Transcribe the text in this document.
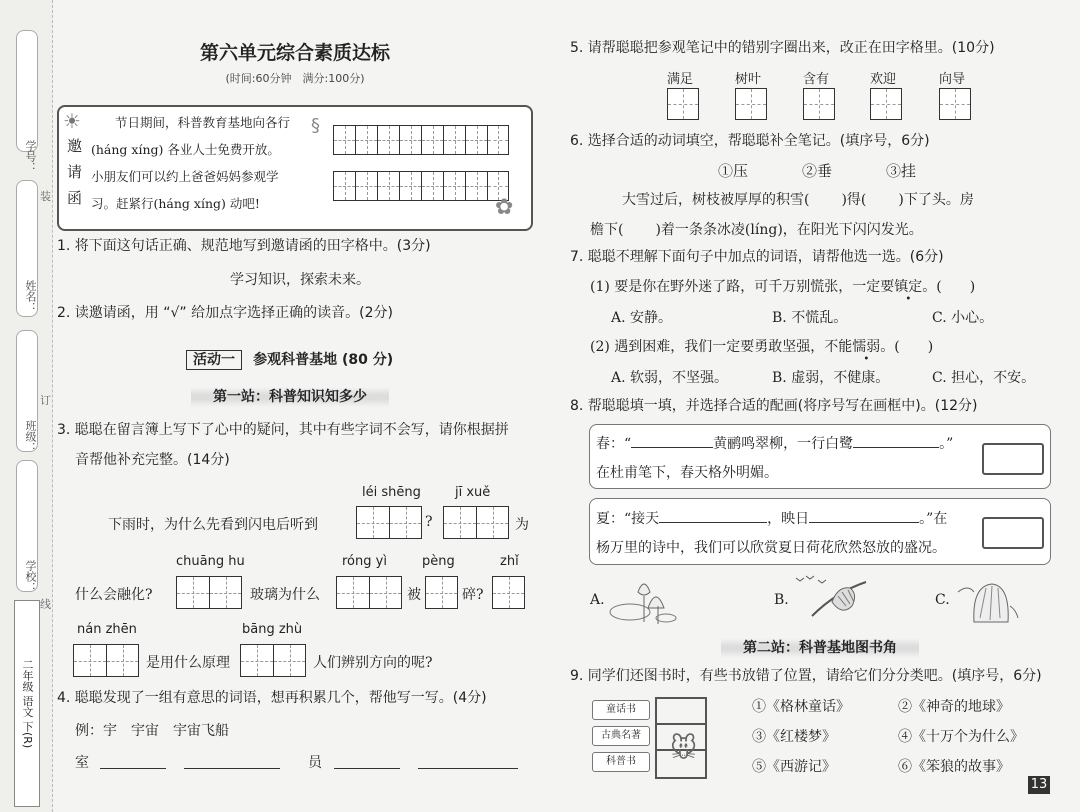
学号：
装
姓名：
订
班级：
学校：
线
二年级 语文 下(R)
第六单元综合素质达标
(时间:60分钟　满分:100分)
☀
邀
请
函
节日期间，科普教育基地向各行
(háng xíng) 各业人士免费开放。
小朋友们可以约上爸爸妈妈参观学
习。赶紧行(háng xíng) 动吧!
§
✿
1. 将下面这句话正确、规范地写到邀请函的田字格中。(3分)
学习知识，探索未来。
2. 读邀请函，用 “√” 给加点字选择正确的读音。(2分)
活动一 参观科普基地 (80 分)
第一站：科普知识知多少
3. 聪聪在留言簿上写下了心中的疑问，其中有些字词不会写，请你根据拼
音帮他补充完整。(14分)
léi shēng	jī xuě
下雨时，为什么先看到闪电后听到	?	为
chuāng hu	róng yì	pèng	zhǐ
什么会融化?	玻璃为什么	被	碎?
nán zhēn	bāng zhù
是用什么原理	人们辨别方向的呢?
4. 聪聪发现了一组有意思的词语，想再积累几个，帮他写一写。(4分)
例：宇　宇宙　宇宙飞船
室	员
5. 请帮聪聪把参观笔记中的错别字圈出来，改正在田字格里。(10分)
满足	树叶	含有	欢迎	向导
6. 选择合适的动词填空，帮聪聪补全笔记。(填序号，6分)
①压	②垂	③挂
大雪过后，树枝被厚厚的积雪( )得( )下了头。房
檐下( )着一条条冰凌(líng)，在阳光下闪闪发光。
7. 聪聪不理解下面句子中加点的词语，请帮他选一选。(6分)
(1) 要是你在野外迷了路，可千万别慌张，一定要镇定。(　　)
A. 安静。	B. 不慌乱。	C. 小心。
(2) 遇到困难，我们一定要勇敢坚强，不能懦弱。(　　)
A. 软弱，不坚强。	B. 虚弱，不健康。	C. 担心，不安。
8. 帮聪聪填一填，并选择合适的配画(将序号写在画框中)。(12分)
春：“	黄鹂鸣翠柳，一行白鹭	。”
在杜甫笔下，春天格外明媚。
夏：“接天	，映日	。”在
杨万里的诗中，我们可以欣赏夏日荷花欣然怒放的盛况。
A.	B.	C.
第二站：科普基地图书角
9. 同学们还图书时，有些书放错了位置，请给它们分分类吧。(填序号，6分)
童话书
古典名著
科普书	🐭
①《格林童话》	②《神奇的地球》
③《红楼梦》	④《十万个为什么》
⑤《西游记》	⑥《笨狼的故事》
13
